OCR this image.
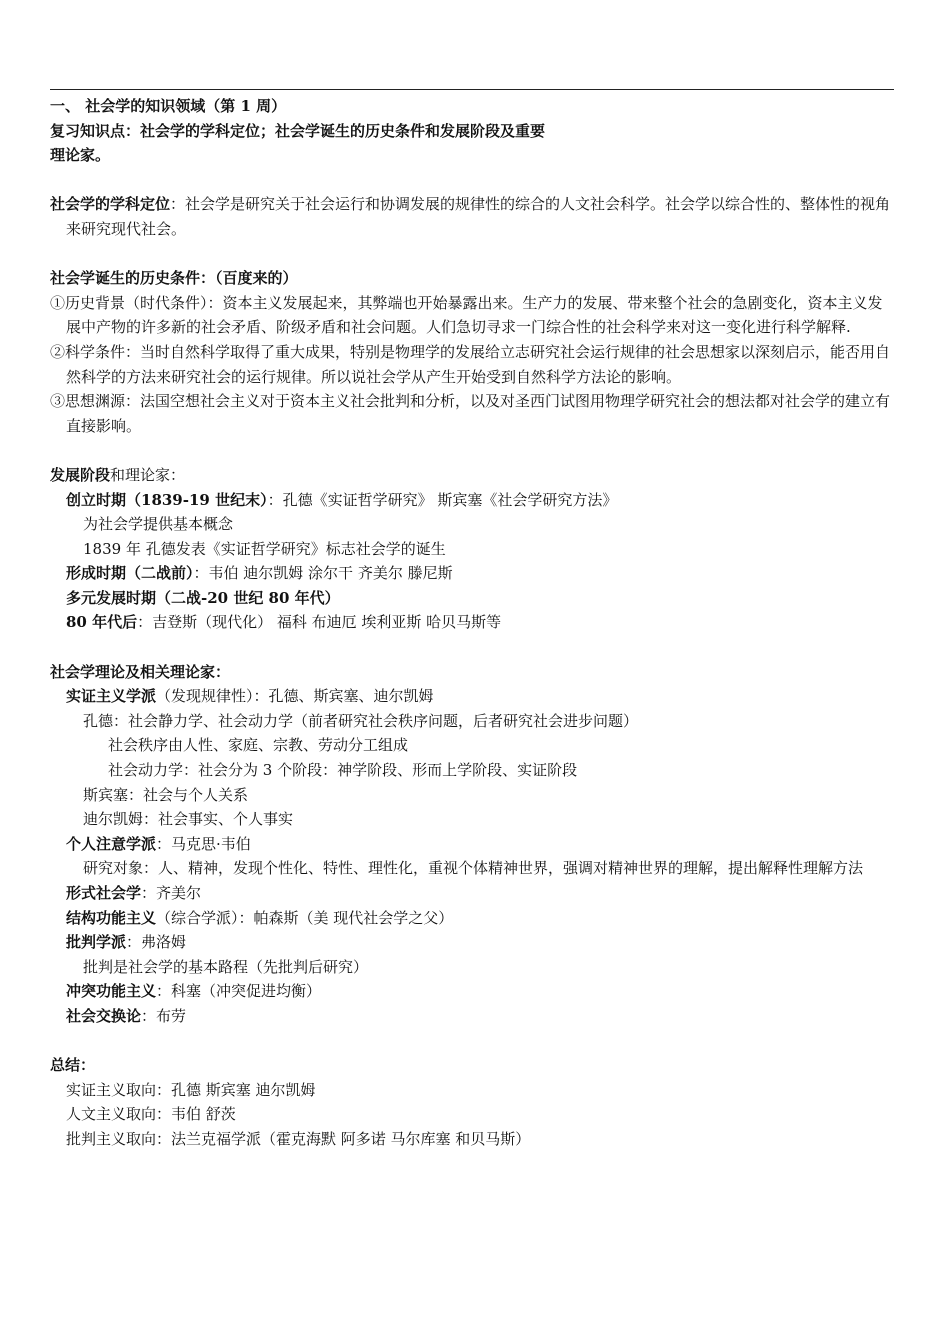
一、 社会学的知识领域（第 1 周）
复习知识点：社会学的学科定位；社会学诞生的历史条件和发展阶段及重要
理论家。
社会学的学科定位：社会学是研究关于社会运行和协调发展的规律性的综合的人文社会科学。社会学以综合性的、整体性的视角来研究现代社会。
社会学诞生的历史条件：（百度来的）
①历史背景（时代条件）：资本主义发展起来，其弊端也开始暴露出来。生产力的发展、带来整个社会的急剧变化，资本主义发展中产物的许多新的社会矛盾、阶级矛盾和社会问题。人们急切寻求一门综合性的社会科学来对这一变化进行科学解释.
②科学条件：当时自然科学取得了重大成果，特别是物理学的发展给立志研究社会运行规律的社会思想家以深刻启示，能否用自然科学的方法来研究社会的运行规律。所以说社会学从产生开始受到自然科学方法论的影响。
③思想渊源：法国空想社会主义对于资本主义社会批判和分析，以及对圣西门试图用物理学研究社会的想法都对社会学的建立有直接影响。
发展阶段和理论家：
创立时期（1839-19 世纪末）：孔德《实证哲学研究》 斯宾塞《社会学研究方法》
为社会学提供基本概念
1839 年 孔德发表《实证哲学研究》标志社会学的诞生
形成时期（二战前）：韦伯 迪尔凯姆 涂尔干 齐美尔 滕尼斯
多元发展时期（二战-20 世纪 80 年代）
80 年代后：吉登斯（现代化） 福科 布迪厄 埃利亚斯 哈贝马斯等
社会学理论及相关理论家：
实证主义学派（发现规律性）：孔德、斯宾塞、迪尔凯姆
孔德：社会静力学、社会动力学（前者研究社会秩序问题，后者研究社会进步问题）
社会秩序由人性、家庭、宗教、劳动分工组成
社会动力学：社会分为 3 个阶段：神学阶段、形而上学阶段、实证阶段
斯宾塞：社会与个人关系
迪尔凯姆：社会事实、个人事实
个人注意学派：马克思·韦伯
研究对象：人、精神，发现个性化、特性、理性化，重视个体精神世界，强调对精神世界的理解，提出解释性理解方法
形式社会学：齐美尔
结构功能主义（综合学派）：帕森斯（美 现代社会学之父）
批判学派：弗洛姆
批判是社会学的基本路程（先批判后研究）
冲突功能主义：科塞（冲突促进均衡）
社会交换论：布劳
总结：
实证主义取向：孔德 斯宾塞 迪尔凯姆
人文主义取向：韦伯 舒茨
批判主义取向：法兰克福学派（霍克海默 阿多诺 马尔库塞 和贝马斯）
